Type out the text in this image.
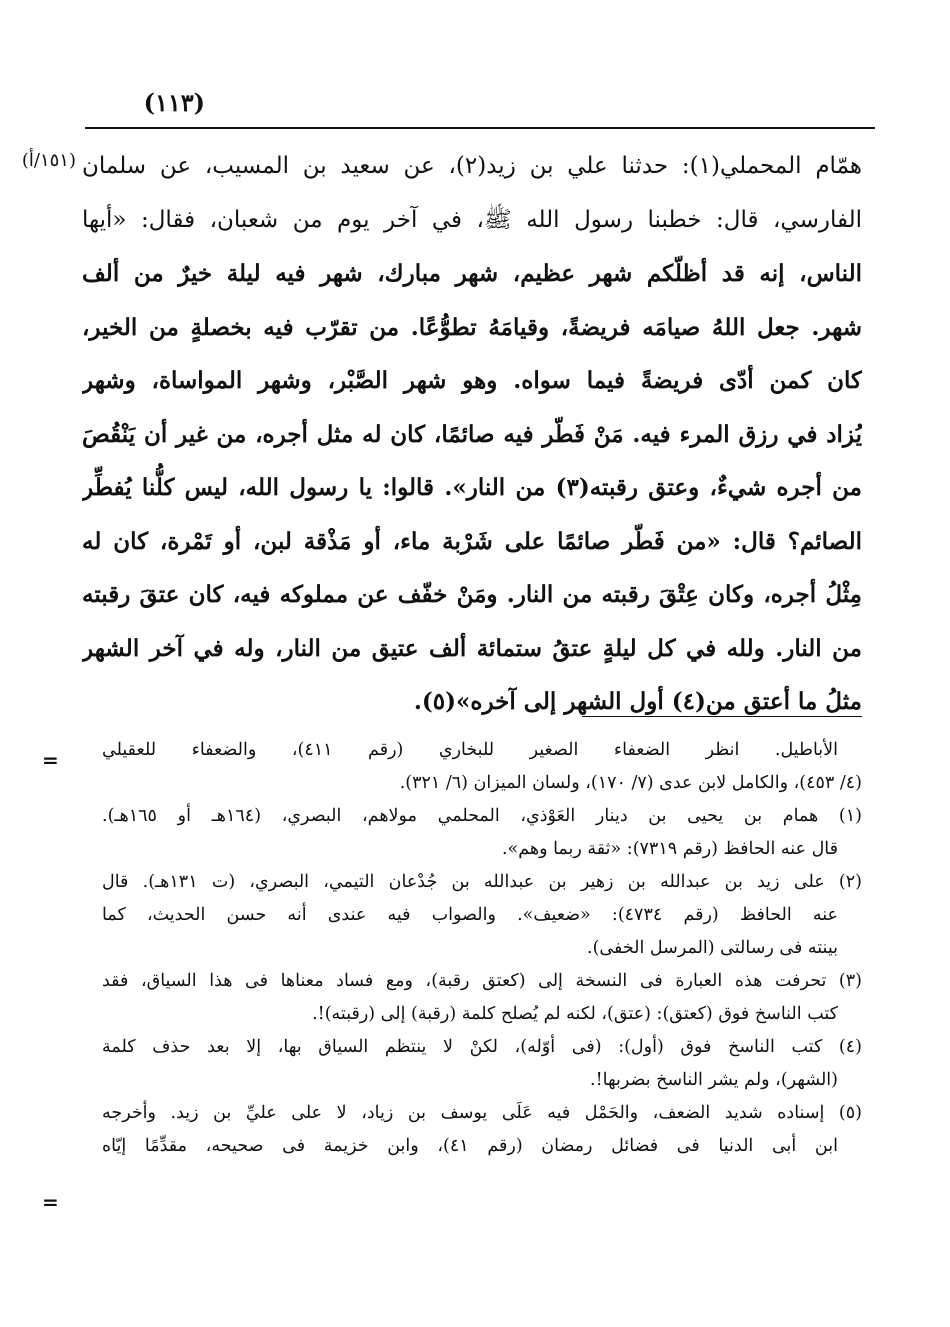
(١١٣)
(١٥١/أ) همّام المحملي(١): حدثنا علي بن زيد(٢)، عن سعيد بن المسيب، عن سلمان
الفارسي، قال: خطبنا رسول الله ﷺ، في آخر يوم من شعبان، فقال: «أيها
الناس، إنه قد أظلّكم شهر عظيم، شهر مبارك، شهر فيه ليلة خيرٌ من ألف
شهر. جعل اللهُ صيامَه فريضةً، وقيامَهُ تطوُّعًا. من تقرّب فيه بخصلةٍ من الخير،
كان كمن أدّى فريضةً فيما سواه. وهو شهر الصَّبْر، وشهر المواساة، وشهر
يُزاد في رزق المرء فيه. مَنْ فَطّر فيه صائمًا، كان له مثل أجره، من غير أن يَنْقُصَ
من أجره شيءٌ، وعتق رقبته(٣) من النار». قالوا: يا رسول الله، ليس كلُّنا يُفطِّر
الصائم؟ قال: «من فَطّر صائمًا على شَرْبة ماء، أو مَذْقة لبن، أو تَمْرة، كان له
مِثْلُ أجره، وكان عِتْقَ رقبته من النار. ومَنْ خفّف عن مملوكه فيه، كان عتقَ رقبته
من النار. ولله في كل ليلةٍ عتقُ ستمائة ألف عتيق من النار، وله في آخر الشهر
مثلُ ما أعتق من(٤) أول الشهر إلى آخره»(٥).
الأباطيل. انظر الضعفاء الصغير للبخاري (رقم ٤١١)، والضعفاء للعقيلي
(٤/ ٤٥٣)، والكامل لابن عدى (٧/ ١٧٠)، ولسان الميزان (٦/ ٣٢١).
(١) همام بن يحيى بن دينار العَوْذي، المحلمي مولاهم، البصري، (١٦٤هـ أو ١٦٥هـ).
قال عنه الحافظ (رقم ٧٣١٩): «ثقة ربما وهم».
(٢) على زيد بن عبدالله بن زهير بن عبدالله بن جُدْعان التيمي، البصري، (ت ١٣١هـ). قال
عنه الحافظ (رقم ٤٧٣٤): «ضعيف». والصواب فيه عندى أنه حسن الحديث، كما
بينته فى رسالتى (المرسل الخفى).
(٣) تحرفت هذه العبارة فى النسخة إلى (كعتق رقبة)، ومع فساد معناها فى هذا السياق، فقد
كتب الناسخ فوق (كعتق): (عتق)، لكنه لم يُصلح كلمة (رقبة) إلى (رقبته)!.
(٤) كتب الناسخ فوق (أول): (فى أوّله)، لكنْ لا ينتظم السياق بها، إلا بعد حذف كلمة
(الشهر)، ولم يشر الناسخ بضربها!.
(٥) إسناده شديد الضعف، والحَمْل فيه عَلَى يوسف بن زياد، لا على عليِّ بن زيد. وأخرجه
ابن أبى الدنيا فى فضائل رمضان (رقم ٤١)، وابن خزيمة فى صحيحه، مقدِّمًا إيّاه
=
=
